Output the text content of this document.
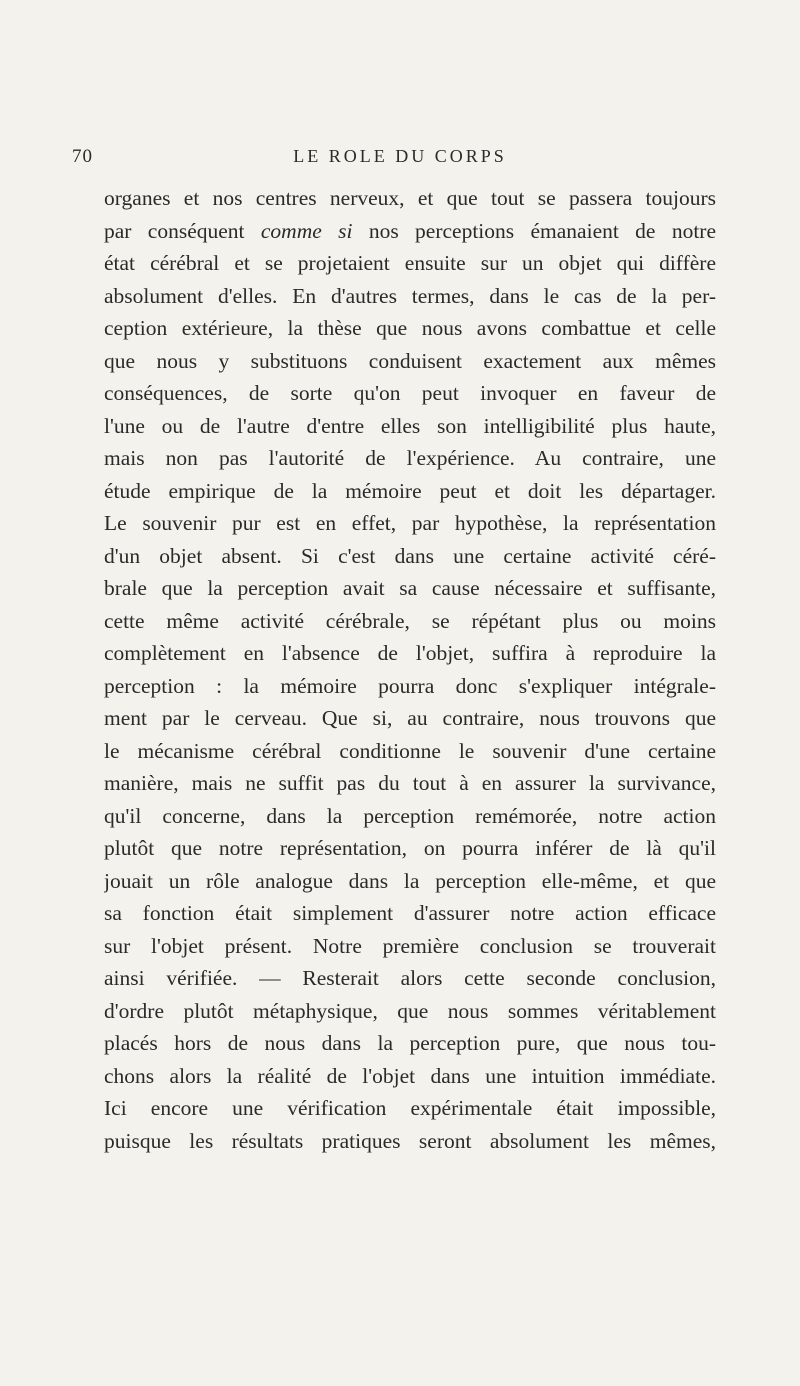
70	LE ROLE DU CORPS
organes et nos centres nerveux, et que tout se passera toujours
par conséquent comme si nos perceptions émanaient de notre
état cérébral et se projetaient ensuite sur un objet qui diffère
absolument d'elles. En d'autres termes, dans le cas de la per-
ception extérieure, la thèse que nous avons combattue et celle
que nous y substituons conduisent exactement aux mêmes
conséquences, de sorte qu'on peut invoquer en faveur de
l'une ou de l'autre d'entre elles son intelligibilité plus haute,
mais non pas l'autorité de l'expérience. Au contraire, une
étude empirique de la mémoire peut et doit les départager.
Le souvenir pur est en effet, par hypothèse, la représentation
d'un objet absent. Si c'est dans une certaine activité céré-
brale que la perception avait sa cause nécessaire et suffisante,
cette même activité cérébrale, se répétant plus ou moins
complètement en l'absence de l'objet, suffira à reproduire la
perception : la mémoire pourra donc s'expliquer intégrale-
ment par le cerveau. Que si, au contraire, nous trouvons que
le mécanisme cérébral conditionne le souvenir d'une certaine
manière, mais ne suffit pas du tout à en assurer la survivance,
qu'il concerne, dans la perception remémorée, notre action
plutôt que notre représentation, on pourra inférer de là qu'il
jouait un rôle analogue dans la perception elle-même, et que
sa fonction était simplement d'assurer notre action efficace
sur l'objet présent. Notre première conclusion se trouverait
ainsi vérifiée. — Resterait alors cette seconde conclusion,
d'ordre plutôt métaphysique, que nous sommes véritablement
placés hors de nous dans la perception pure, que nous tou-
chons alors la réalité de l'objet dans une intuition immédiate.
Ici encore une vérification expérimentale était impossible,
puisque les résultats pratiques seront absolument les mêmes,
